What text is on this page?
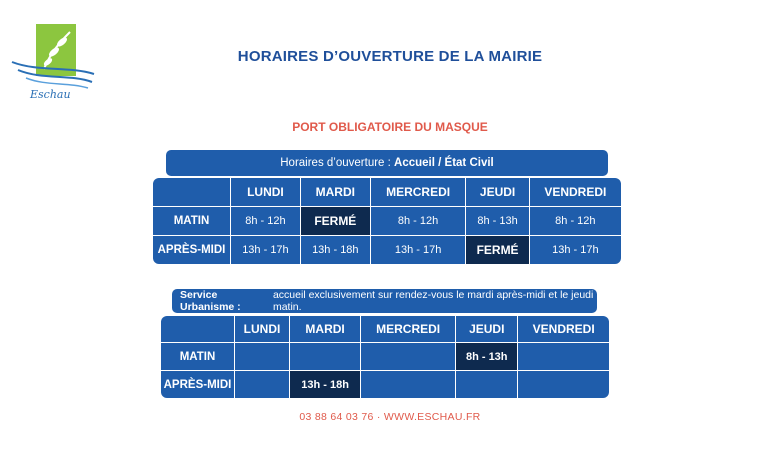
Eschau
HORAIRES D’OUVERTURE DE LA MAIRIE
PORT OBLIGATOIRE DU MASQUE
Horaires d’ouverture :
Accueil / État Civil
	LUNDI	MARDI	MERCREDI	JEUDI	VENDREDI
MATIN	8h - 12h	FERMÉ	8h - 12h	8h - 13h	8h - 12h
APRÈS-MIDI	13h - 17h	13h - 18h	13h - 17h	FERMÉ	13h - 17h
Service Urbanisme :
accueil exclusivement sur rendez-vous le mardi après-midi et le jeudi matin.
	LUNDI	MARDI	MERCREDI	JEUDI	VENDREDI
MATIN				8h - 13h	
APRÈS-MIDI		13h - 18h			
03 88 64 03 76 · WWW.ESCHAU.FR
